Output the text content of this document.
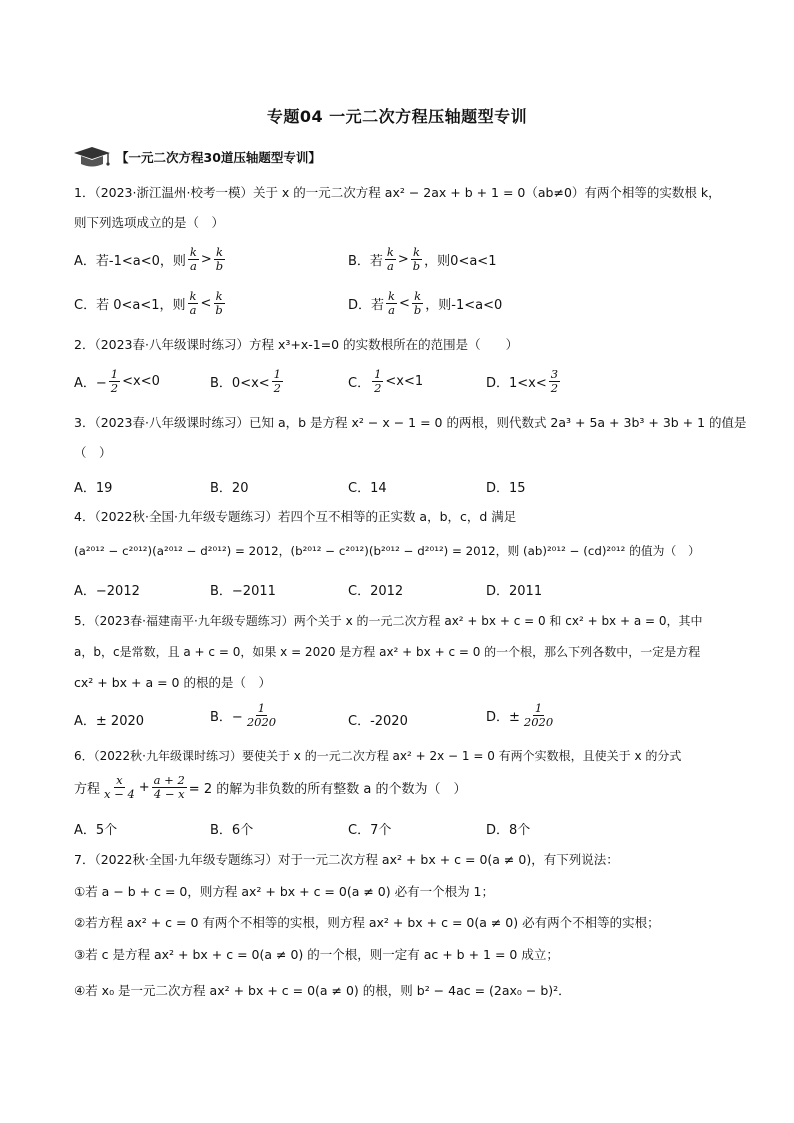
专题04 一元二次方程压轴题型专训
【一元二次方程30道压轴题型专训】
1．（2023·浙江温州·校考一模）关于 x 的一元二次方程 ax² − 2ax + b + 1 = 0（ab≠0）有两个相等的实数根 k，
则下列选项成立的是（　）
A．若-1<a<0，则 $\frac{k}{a} > \frac{k}{b}$	B．若 $\frac{k}{a} > \frac{k}{b}$ ，则0<a<1
C．若 0<a<1，则 $\frac{k}{a} < \frac{k}{b}$	D．若 $\frac{k}{a} < \frac{k}{b}$ ，则-1<a<0
2．（2023春·八年级课时练习）方程 x³+x-1=0 的实数根所在的范围是（　　）
A．− $\frac{1}{2} <x<0$	B．$0<x< \frac{1}{2}$	C． $\frac{1}{2} <x<1$	D．$1<x< \frac{3}{2}$
3．（2023春·八年级课时练习）已知 a，b 是方程 x² − x − 1 = 0 的两根，则代数式 2a³ + 5a + 3b³ + 3b + 1 的值是
（　）
A．19	B．20	C．14	D．15
4．（2022秋·全国·九年级专题练习）若四个互不相等的正实数 a，b，c，d 满足
(a²⁰¹² − c²⁰¹²)(a²⁰¹² − d²⁰¹²) = 2012，(b²⁰¹² − c²⁰¹²)(b²⁰¹² − d²⁰¹²) = 2012，则 (ab)²⁰¹² − (cd)²⁰¹² 的值为（　）
A．−2012	B．−2011	C．2012	D．2011
5．（2023春·福建南平·九年级专题练习）两个关于 x 的一元二次方程 ax² + bx + c = 0 和 cx² + bx + a = 0，其中
a，b，c是常数，且 a + c = 0，如果 x = 2020 是方程 ax² + bx + c = 0 的一个根，那么下列各数中，一定是方程
cx² + bx + a = 0 的根的是（　）
A．± 2020	B．− $\frac{1}{2020}$	C．-2020	D．± $\frac{1}{2020}$
6．（2022秋·九年级课时练习）要使关于 x 的一元二次方程 ax² + 2x − 1 = 0 有两个实数根，且使关于 x 的分式
方程 $\frac{x}{x - 4} + \frac{a + 2}{4 - x} = 2$ 的解为非负数的所有整数 a 的个数为（　）
A．5个	B．6个	C．7个	D．8个
7．（2022秋·全国·九年级专题练习）对于一元二次方程 ax² + bx + c = 0(a ≠ 0)，有下列说法：
①若 a − b + c = 0，则方程 ax² + bx + c = 0(a ≠ 0) 必有一个根为 1；
②若方程 ax² + c = 0 有两个不相等的实根，则方程 ax² + bx + c = 0(a ≠ 0) 必有两个不相等的实根；
③若 c 是方程 ax² + bx + c = 0(a ≠ 0) 的一个根，则一定有 ac + b + 1 = 0 成立；
④若 x₀ 是一元二次方程 ax² + bx + c = 0(a ≠ 0) 的根，则 b² − 4ac = (2ax₀ − b)²．
